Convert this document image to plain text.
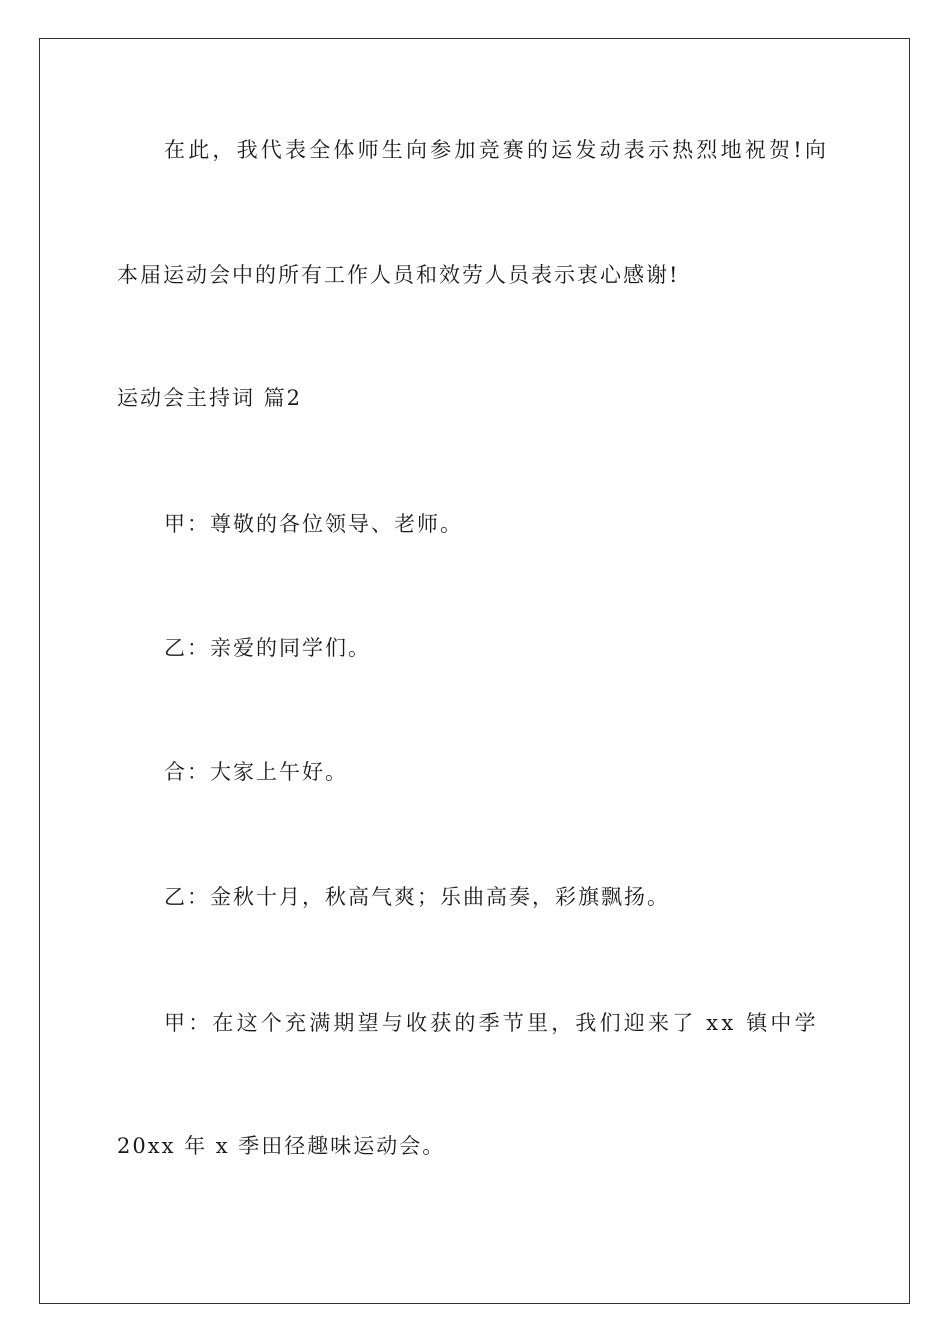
在此，我代表全体师生向参加竞赛的运发动表示热烈地祝贺!向
本届运动会中的所有工作人员和效劳人员表示衷心感谢!
运动会主持词 篇2
甲：尊敬的各位领导、老师。
乙：亲爱的同学们。
合：大家上午好。
乙：金秋十月，秋高气爽；乐曲高奏，彩旗飘扬。
甲：在这个充满期望与收获的季节里，我们迎来了 xx 镇中学
20xx 年 x 季田径趣味运动会。
